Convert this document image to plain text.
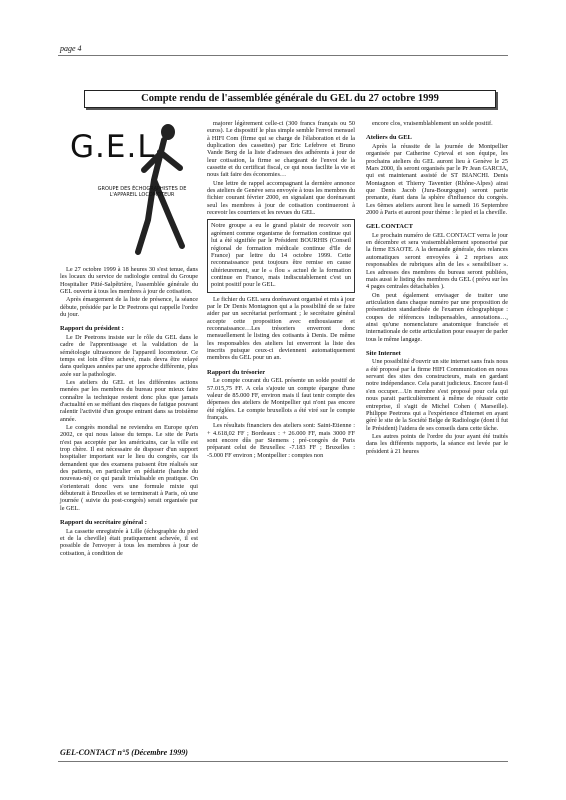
page 4
Compte rendu de l'assemblée générale du GEL du 27 octobre 1999
G.E.L
GROUPE DES ÉCHOGRAPHISTES DE L'APPAREIL LOCOMOTEUR

Le 27 octobre 1999 à 18 heures 30 s'est tenue, dans les locaux du service de radiologie central du Groupe Hospitalier Pitié-Salpêtrière, l'assemblée générale du GEL ouverte à tous les membres à jour de cotisation.

Après émargement de la liste de présence, la séance débute, présidée par le Dr Peetrons qui rappelle l'ordre du jour.

Rapport du président :

Le Dr Peetrons insiste sur le rôle du GEL dans le cadre de l'apprentissage et la validation de la séméiologie ultrasonore de l'appareil locomoteur. Ce temps est loin d'être achevé, mais devra être relayé dans quelques années par une approche différente, plus axée sur la pathologie.

Les ateliers du GEL et les différentes actions menées par les membres du bureau pour mieux faire connaître la technique restent donc plus que jamais d'actualité en se méfiant des risques de fatigue pouvant ralentir l'activité d'un groupe entrant dans sa troisième année.

Le congrès mondial ne reviendra en Europe qu'en 2002, ce qui nous laisse du temps. Le site de Paris n'est pas acceptée par les américains, car la ville est trop chère. Il est nécessaire de disposer d'un support hospitalier important sur le lieu du congrès, car ils demandent que des examens puissent être réalisés sur des patients, en particulier en pédiatrie (hanche du nouveau-né) ce qui paraît irréalisable en pratique. On s'orienterait donc vers une formule mixte qui débuterait à Bruxelles et se terminerait à Paris, où une journée ( suivie du post-congrès) serait organisée par le GEL.

Rapport du secrétaire général :

La cassette enregistrée à Lille (échographie du pied et de la cheville) était pratiquement achevée, il est possible de l'envoyer à tous les membres à jour de cotisation, à condition de

majorer légèrement celle-ci (300 francs français ou 50 euros). Le dispositif le plus simple semble l'envoi mensuel à HIFI Com (firme qui se charge de l'élaboration et de la duplication des cassettes) par Eric Lefebvre et Bruno Vande Berg de la liste d'adresses des adhérents à jour de leur cotisation, la firme se chargeant de l'envoi de la cassette et du certificat fiscal, ce qui nous facilite la vie et nous fait faire des économies…

Une lettre de rappel accompagnant la dernière annonce des ateliers de Genève sera envoyée à tous les membres du fichier courant février 2000, en signalant que dorénavant seul les membres à jour de cotisation continueront à recevoir les courriers et les revues du GEL.

Notre groupe a eu le grand plaisir de recevoir son agrément comme organisme de formation continue qui lui a été signifiée par le Président BOURHIS (Conseil régional de formation médicale continue d'Ile de France) par lettre du 14 octobre 1999. Cette reconnaissance peut toujours être remise en cause ultérieurement, sur le « flou » actuel de la formation continue en France, mais indiscutablement c'est un point positif pour le GEL.

Le fichier du GEL sera dorénavant organisé et mis à jour par le Dr Denis Montagnon qui a la possibilité de se faire aider par un secrétariat performant ; le secrétaire général accepte cette proposition avec enthousiasme et reconnaissance…Les trésoriers enverront donc mensuellement le listing des cotisants à Denis. De même les responsables des ateliers lui enverront la liste des inscrits puisque ceux-ci deviennent automatiquement membres du GEL pour un an.

Rapport du trésorier

Le compte courant du GEL présente un solde positif de 57.015,75 FF. A cela s'ajoute un compte épargne d'une valeur de 85.000 FF, environ mais il faut tenir compte des dépenses des ateliers de Montpellier qui n'ont pas encore été réglées. Le compte bruxellois a été viré sur le compte français.

Les résultats financiers des ateliers sont: Saint-Etienne : + 4.618,02 FF ; Bordeaux : + 26.000 FF, mais 3000 FF sont encore dûs par Siemens ; pré-congrès de Paris préparant celui de Bruxelles: -7.183 FF ; Bruxelles : -5.000 FF environ ; Montpellier : comptes non

encore clos, vraisemblablement un solde positif.

Ateliers du GEL

Après la réussite de la journée de Montpellier organisée par Catherine Cyteval et son équipe, les prochains ateliers du GEL auront lieu à Genève le 25 Mars 2000, ils seront organisés par le Pr Jean GARCIA, qui est maintenant assisté de ST BIANCHI. Denis Montagnon et Thierry Taventier (Rhône-Alpes) ainsi que Denis Jacob (Jura-Bourgogne) seront partie prenante, étant dans la sphère d'influence du congrès. Les 6èmes ateliers auront lieu le samedi 16 Septembre 2000 à Paris et auront pour thème : le pied et la cheville.

GEL CONTACT

Le prochain numéro de GEL CONTACT verra le jour en décembre et sera vraisemblablement sponsorisé par la firme ESAOTE. A la demande générale, des relances automatiques seront envoyées à 2 reprises aux responsables de rubriques afin de les « sensibiliser ». Les adresses des membres du bureau seront publiées, mais aussi le listing des membres du GEL ( prévu sur les 4 pages centrales détachables ).

On peut également envisager de traiter une articulation dans chaque numéro par une proposition de présentation standardisée de l'examen échographique : coupes de références indispensables, annotations…, ainsi qu'une nomenclature anatomique francisée et internationale de cette articulation pour essayer de parler tous le même langage.

Site Internet

Une possibilité d'ouvrir un site internet sans frais nous a été proposé par la firme HIFI Communication en nous servant des sites des constructeurs, mais en gardant notre indépendance. Cela parait judicieux. Encore faut-il s'en occuper…Un membre s'est proposé pour cela qui nous parait particulièrement à même de réussir cette entreprise, il s'agit de Michel Cohen ( Marseille). Philippe Peetrons qui a l'expérience d'Internet en ayant géré le site de la Société Belge de Radiologie (dont il fut le Président) l'aidera de ses conseils dans cette tâche.

Les autres points de l'ordre du jour ayant été traités dans les différents rapports, la séance est levée par le président à 21 heures

GEL-CONTACT n°5 (Décembre 1999)
